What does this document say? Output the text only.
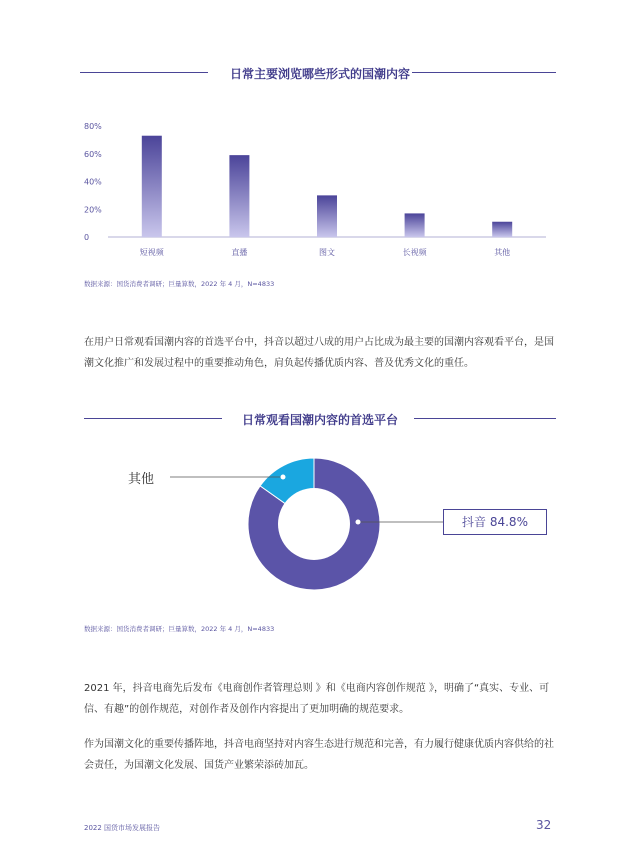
日常主要浏览哪些形式的国潮内容
0
20%
40%
60%
80%
短视频	直播	图文	长视频	其他
数据来源：国货消费者调研；巨量算数，2022 年 4 月，N=4833

在用户日常观看国潮内容的首选平台中，抖音以超过八成的用户占比成为最主要的国潮内容观看平台，是国潮文化推广和发展过程中的重要推动角色，肩负起传播优质内容、普及优秀文化的重任。

日常观看国潮内容的首选平台
其他
抖音 84.8%
数据来源：国货消费者调研；巨量算数，2022 年 4 月，N=4833

2021 年，抖音电商先后发布《电商创作者管理总则 》和《电商内容创作规范 》，明确了“真实、专业、可信、有趣”的创作规范，对创作者及创作内容提出了更加明确的规范要求。

作为国潮文化的重要传播阵地，抖音电商坚持对内容生态进行规范和完善，有力履行健康优质内容供给的社会责任，为国潮文化发展、国货产业繁荣添砖加瓦。

2022 国货市场发展报告	32
